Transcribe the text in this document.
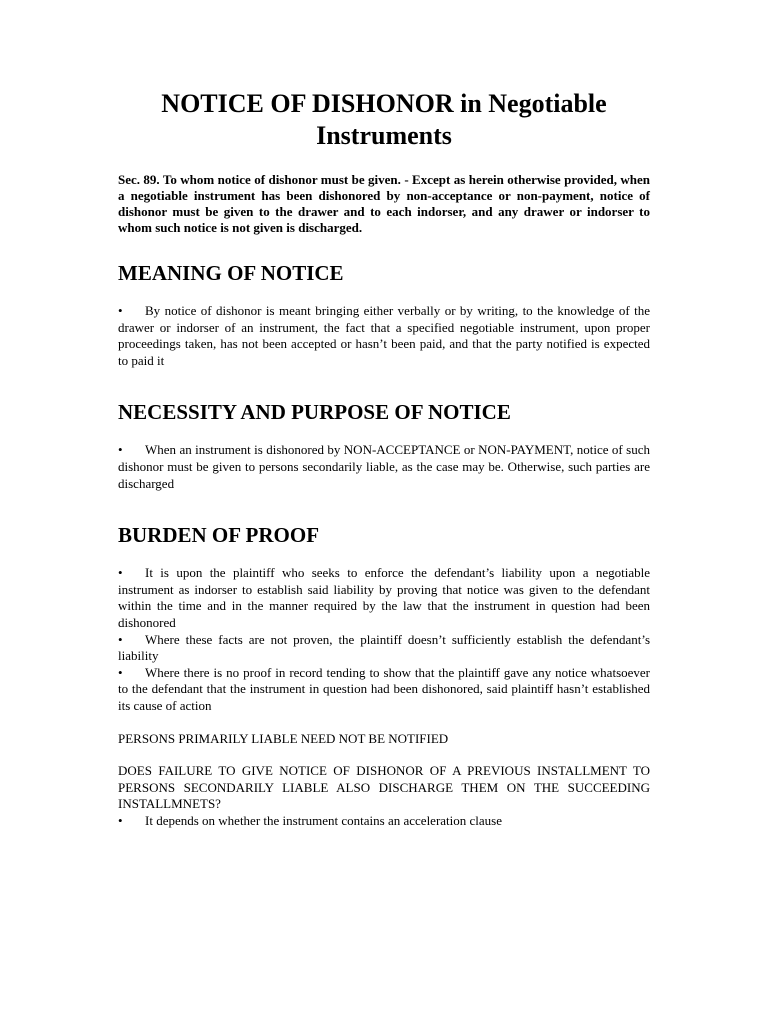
NOTICE OF DISHONOR in Negotiable Instruments

Sec. 89. To whom notice of dishonor must be given. - Except as herein otherwise provided, when a negotiable instrument has been dishonored by non-acceptance or non-payment, notice of dishonor must be given to the drawer and to each indorser, and any drawer or indorser to whom such notice is not given is discharged.

MEANING OF NOTICE

• By notice of dishonor is meant bringing either verbally or by writing, to the knowledge of the drawer or indorser of an instrument, the fact that a specified negotiable instrument, upon proper proceedings taken, has not been accepted or hasn’t been paid, and that the party notified is expected to paid it

NECESSITY AND PURPOSE OF NOTICE

• When an instrument is dishonored by NON-ACCEPTANCE or NON-PAYMENT, notice of such dishonor must be given to persons secondarily liable, as the case may be. Otherwise, such parties are discharged

BURDEN OF PROOF

• It is upon the plaintiff who seeks to enforce the defendant’s liability upon a negotiable instrument as indorser to establish said liability by proving that notice was given to the defendant within the time and in the manner required by the law that the instrument in question had been dishonored

• Where these facts are not proven, the plaintiff doesn’t sufficiently establish the defendant’s liability

• Where there is no proof in record tending to show that the plaintiff gave any notice whatsoever to the defendant that the instrument in question had been dishonored, said plaintiff hasn’t established its cause of action

PERSONS PRIMARILY LIABLE NEED NOT BE NOTIFIED

DOES FAILURE TO GIVE NOTICE OF DISHONOR OF A PREVIOUS INSTALLMENT TO PERSONS SECONDARILY LIABLE ALSO DISCHARGE THEM ON THE SUCCEEDING INSTALLMNETS?

• It depends on whether the instrument contains an acceleration clause
